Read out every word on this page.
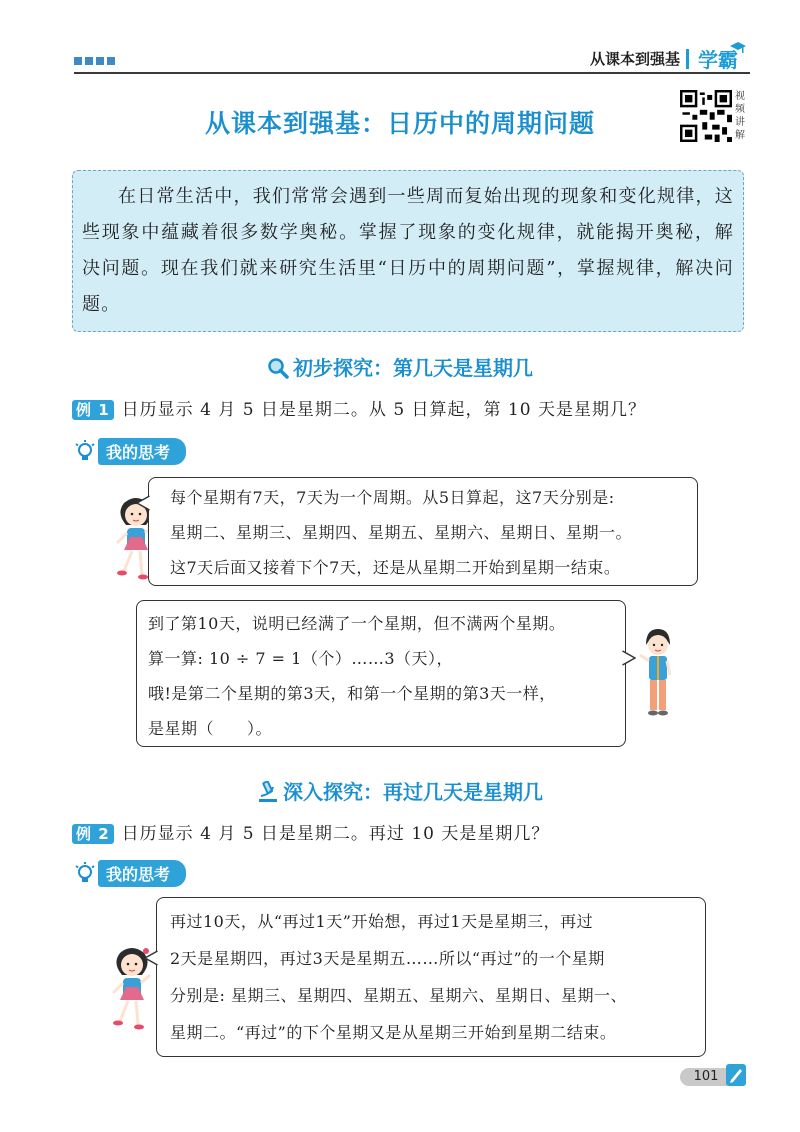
从课本到强基 学霸
从课本到强基：日历中的周期问题
视频讲解
在日常生活中，我们常常会遇到一些周而复始出现的现象和变化规律，这些现象中蕴藏着很多数学奥秘。掌握了现象的变化规律，就能揭开奥秘，解决问题。现在我们就来研究生活里“日历中的周期问题”，掌握规律，解决问题。
初步探究：第几天是星期几
例 1 日历显示 4 月 5 日是星期二。从 5 日算起，第 10 天是星期几？
我的思考
每个星期有7天，7天为一个周期。从5日算起，这7天分别是:
星期二、星期三、星期四、星期五、星期六、星期日、星期一。
这7天后面又接着下个7天，还是从星期二开始到星期一结束。
到了第10天，说明已经满了一个星期，但不满两个星期。
算一算: 10 ÷ 7 = 1（个）……3（天），
哦!是第二个星期的第3天，和第一个星期的第3天一样，
是星期（　　）。
深入探究：再过几天是星期几
例 2 日历显示 4 月 5 日是星期二。再过 10 天是星期几？
我的思考
再过10天，从“再过1天”开始想，再过1天是星期三，再过
2天是星期四，再过3天是星期五……所以“再过”的一个星期
分别是: 星期三、星期四、星期五、星期六、星期日、星期一、
星期二。“再过”的下个星期又是从星期三开始到星期二结束。
101
